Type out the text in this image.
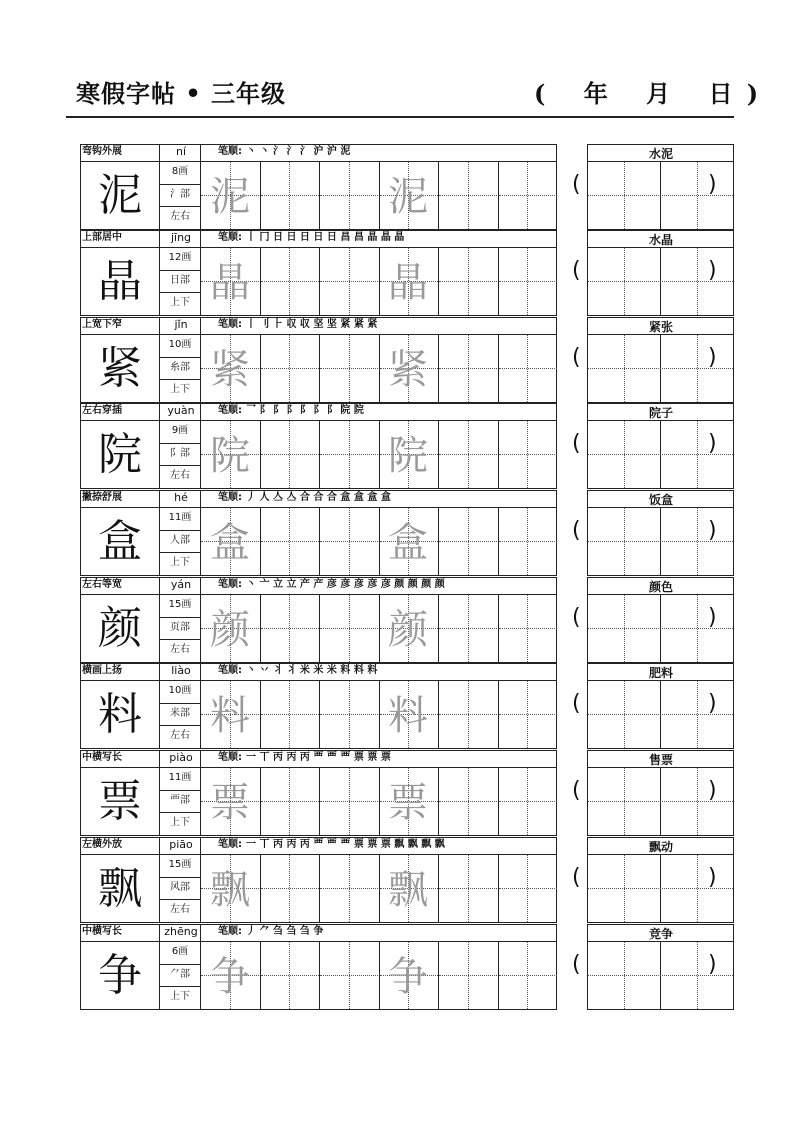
寒假字帖 • 三年级	( 年 月 日 )
弯钩外展	ní	笔顺: 丶 丶 氵 氵 氵 沪 沪 泥
8画
氵部
左右
泥	泥	泥
水泥
(	)
上部居中	jīng	笔顺: 丨 冂 日 日 日 日 日 昌 昌 晶 晶 晶
12画
日部
上下
晶	晶	晶
水晶
(	)
上宽下窄	jǐn	笔顺: 丨 刂 ⺊ 収 収 坚 坚 紧 紧 紧
10画
糸部
上下
紧	紧	紧
紧张
(	)
左右穿插	yuàn	笔顺: ⺂ 阝 阝 阝 阝 阝 阝 院 院
9画
阝部
左右
院	院	院
院子
(	)
撇捺舒展	hé	笔顺: 丿 人 亼 亼 合 合 合 盒 盒 盒 盒
11画
人部
上下
盒	盒	盒
饭盒
(	)
左右等宽	yán	笔顺: 丶 亠 立 立 产 产 彦 彦 彦 彦 彦 颜 颜 颜 颜
15画
页部
左右
颜	颜	颜
颜色
(	)
横画上扬	liào	笔顺: 丶 丷 丬 丬 米 米 米 料 料 料
10画
米部
左右
料	料	料
肥料
(	)
中横写长	piào	笔顺: 一 丅 丙 丙 丙 覀 覀 覀 票 票 票
11画
覀部
上下
票	票	票
售票
(	)
左横外放	piāo	笔顺: 一 丅 丙 丙 丙 覀 覀 覀 票 票 票 飘 飘 飘 飘
15画
风部
左右
飘	飘	飘
飘动
(	)
中横写长	zhēng 笔顺: 丿 ⺈ 刍 刍 刍 争
6画
⺈部
上下
争	争	争
竞争
(	)
